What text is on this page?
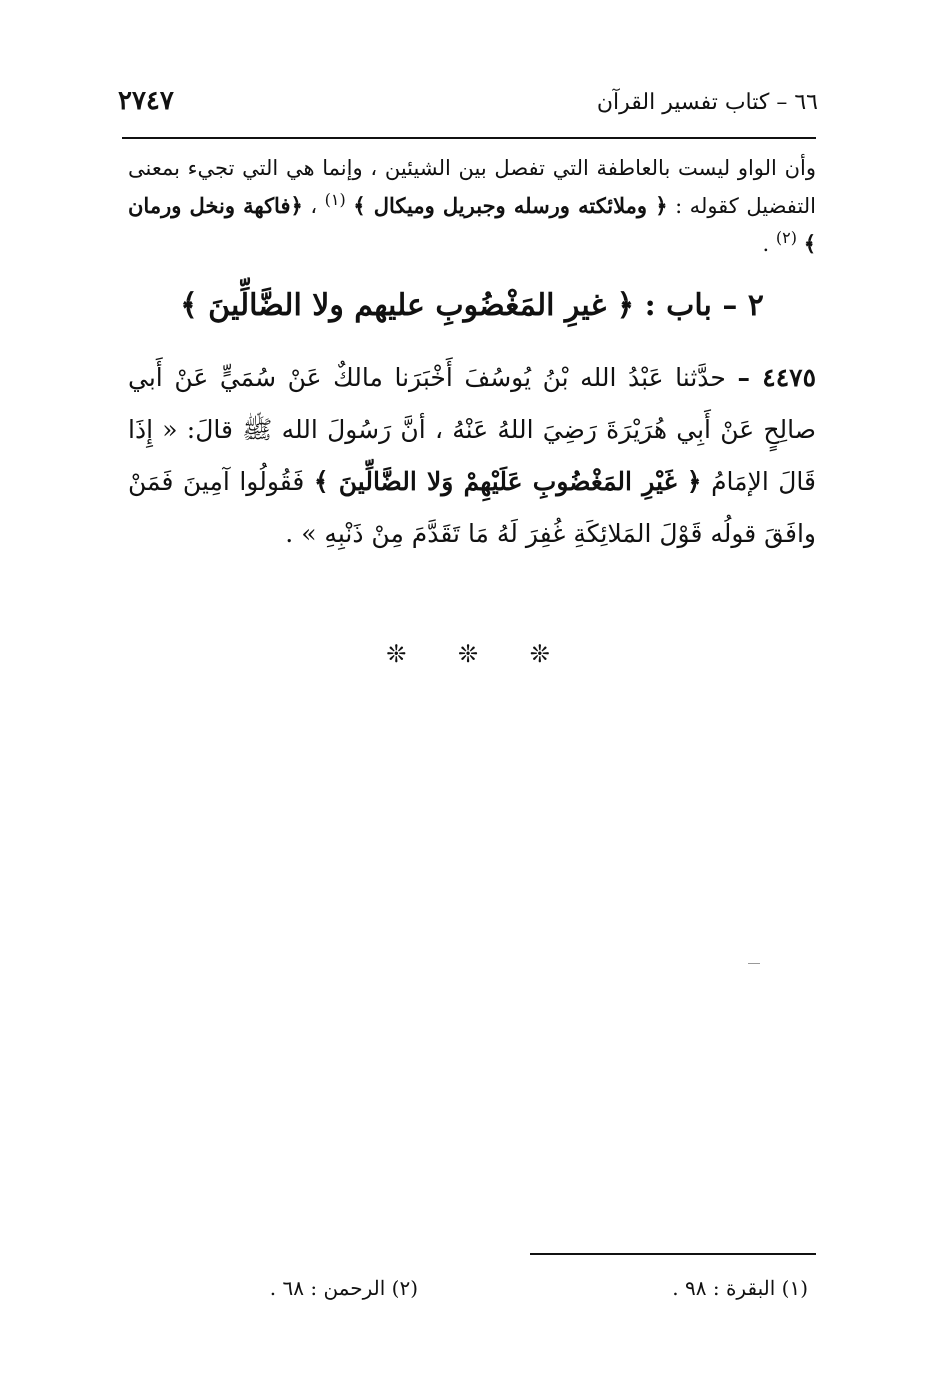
٦٦ – كتاب تفسير القرآن
٢٧٤٧
وأن الواو ليست بالعاطفة التي تفصل بين الشيئين ، وإنما هي التي تجيء بمعنى التفضيل كقوله : ﴿ وملائكته ورسله وجبريل وميكال ﴾ $^{(١)}$ ، ﴿فاكهة ونخل ورمان ﴾ $^{(٢)}$ .
٢ – باب : ﴿ غيرِ المَغْضُوبِ عليهم ولا الضَّالِّينَ ﴾
٤٤٧٥ – حدَّثنا عَبْدُ الله بْنُ يُوسُفَ أَخْبَرَنا مالكٌ عَنْ سُمَيٍّ عَنْ أَبي صالِحٍ عَنْ أَبِي هُرَيْرَةَ رَضِيَ اللهُ عَنْهُ ، أنَّ رَسُولَ الله ﷺ قالَ: « إِذَا قَالَ الإمَامُ ﴿ غَيْرِ المَغْضُوبِ عَلَيْهِمْ وَلا الضَّالِّينَ ﴾ فَقُولُوا آمِينَ فَمَنْ وافَقَ قولُه قَوْلَ المَلائِكَةِ غُفِرَ لَهُ مَا تَقَدَّمَ مِنْ ذَنْبِهِ » .
❊ ❊ ❊
(١) البقرة : ٩٨ .
(٢) الرحمن : ٦٨ .
